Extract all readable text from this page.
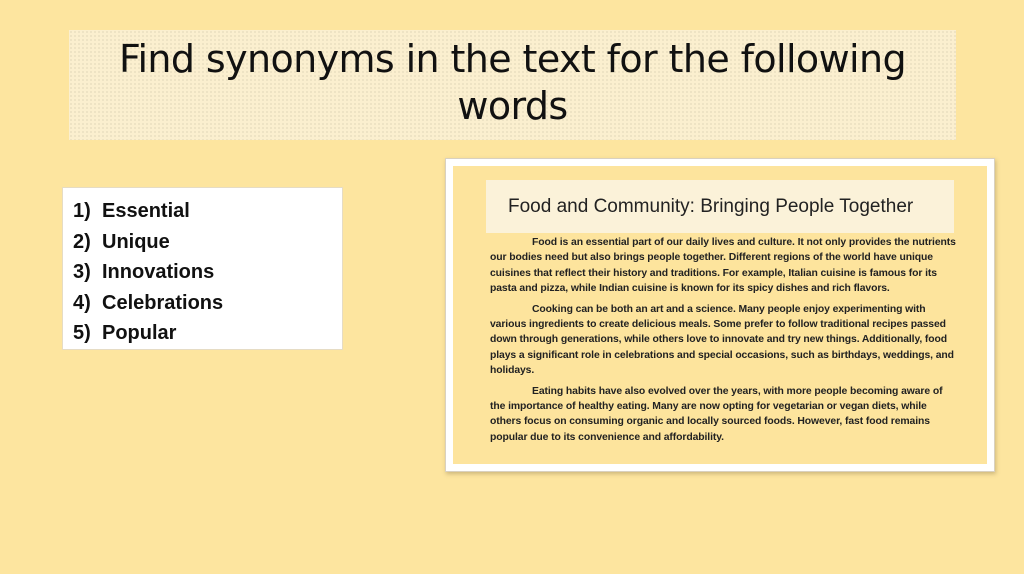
Find synonyms in the text for the following words
1) Essential
2) Unique
3) Innovations
4) Celebrations
5) Popular
Food and Community: Bringing People Together

Food is an essential part of our daily lives and culture. It not only provides the nutrients our bodies need but also brings people together. Different regions of the world have unique cuisines that reflect their history and traditions. For example, Italian cuisine is famous for its pasta and pizza, while Indian cuisine is known for its spicy dishes and rich flavors.

Cooking can be both an art and a science. Many people enjoy experimenting with various ingredients to create delicious meals. Some prefer to follow traditional recipes passed down through generations, while others love to innovate and try new things. Additionally, food plays a significant role in celebrations and special occasions, such as birthdays, weddings, and holidays.

Eating habits have also evolved over the years, with more people becoming aware of the importance of healthy eating. Many are now opting for vegetarian or vegan diets, while others focus on consuming organic and locally sourced foods. However, fast food remains popular due to its convenience and affordability.
